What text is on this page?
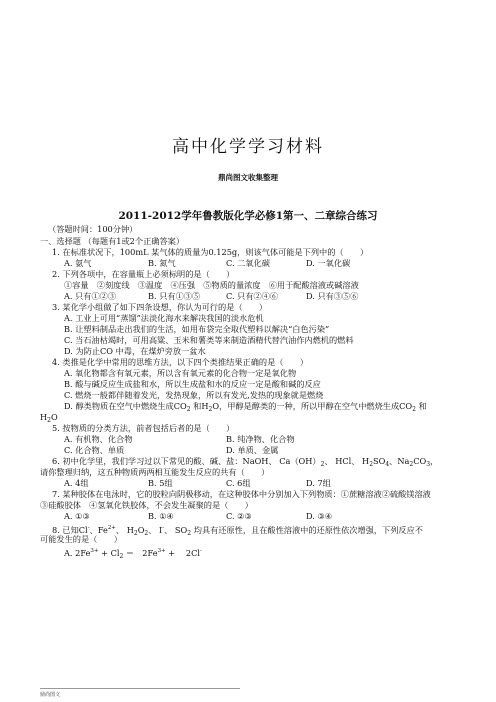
高中化学学习材料
鼎尚图文收集整理
2011-2012学年鲁教版化学必修1第一、二章综合练习
（答题时间：100分钟）
一、选择题 （每题有1或2个正确答案）
1. 在标准状况下，100mL 某气体的质量为0.125g，则该气体可能是下列中的（　　）
A. 氨气	B. 氮气	C. 二氧化碳	D. 一氧化碳
2. 下列各项中，在容量瓶上必须标明的是（　　）
①容量　②刻度线　③温度　④压强　⑤物质的量浓度　⑥用于配酸溶液或碱溶液
A. 只有①②③	B. 只有①③⑤	C. 只有②④⑥	D. 只有③⑤⑥
3. 某化学小组做了如下四条设想，你认为可行的是（　　）
A. 工业上可用“蒸馏”法淡化海水来解决我国的淡水危机
B. 让塑料制品走出我们的生活，如用布袋完全取代塑料以解决“白色污染”
C. 当石油枯竭时，可用高粱、玉米和薯类等来制造酒精代替汽油作内燃机的燃料
D. 为防止CO 中毒，在煤炉旁放一盆水
4. 类推是化学中常用的思维方法，以下四个类推结果正确的是（　　）
A. 氧化物都含有氧元素，所以含有氧元素的化合物一定是氧化物
B. 酸与碱反应生成盐和水，所以生成盐和水的反应一定是酸和碱的反应
C. 燃烧一般都伴随着发光，发热现象，所以有发光,发热的现象就是燃烧
D. 醇类物质在空气中燃烧生成$CO_2$ 和$H_2O$，甲醇是醇类的一种，所以甲醇在空气中燃烧生成$CO_2$ 和
$H_2O$
5. 按物质的分类方法，前者包括后者的是（　　）
A. 有机物、化合物	B. 纯净物、化合物
C. 化合物、单质	D. 单质、金属
6. 初中化学里，我们学习过以下常见的酸、碱、盐：NaOH、 $Ca(OH)_2$、 HCl、 $H_2SO_4$、$Na_2CO_3$，
请你整理归纳，这五种物质两两相互能发生反应的共有（　　）
A. 4组	B. 5组	C. 6组	D. 7组
7. 某种胶体在电泳时，它的胶粒向阴极移动，在这种胶体中分别加入下列物质：①蔗糖溶液②硫酸镁溶液
③硅酸胶体　④氢氧化铁胶体，不会发生凝聚的是（　　）
A. ①③	B. ①④	C. ②③	D. ③④
8. 已知Cl-、$Fe^{2+}$、 $H_2O_2$、 I-、 $SO_2$ 均具有还原性，且在酸性溶液中的还原性依次增强，下列反应不
可能发生的是（　　）
A. $2Fe^{3+} + Cl_2$ ＝　$2Fe^{3+}$ +　 2Cl-
鼎尚图文
